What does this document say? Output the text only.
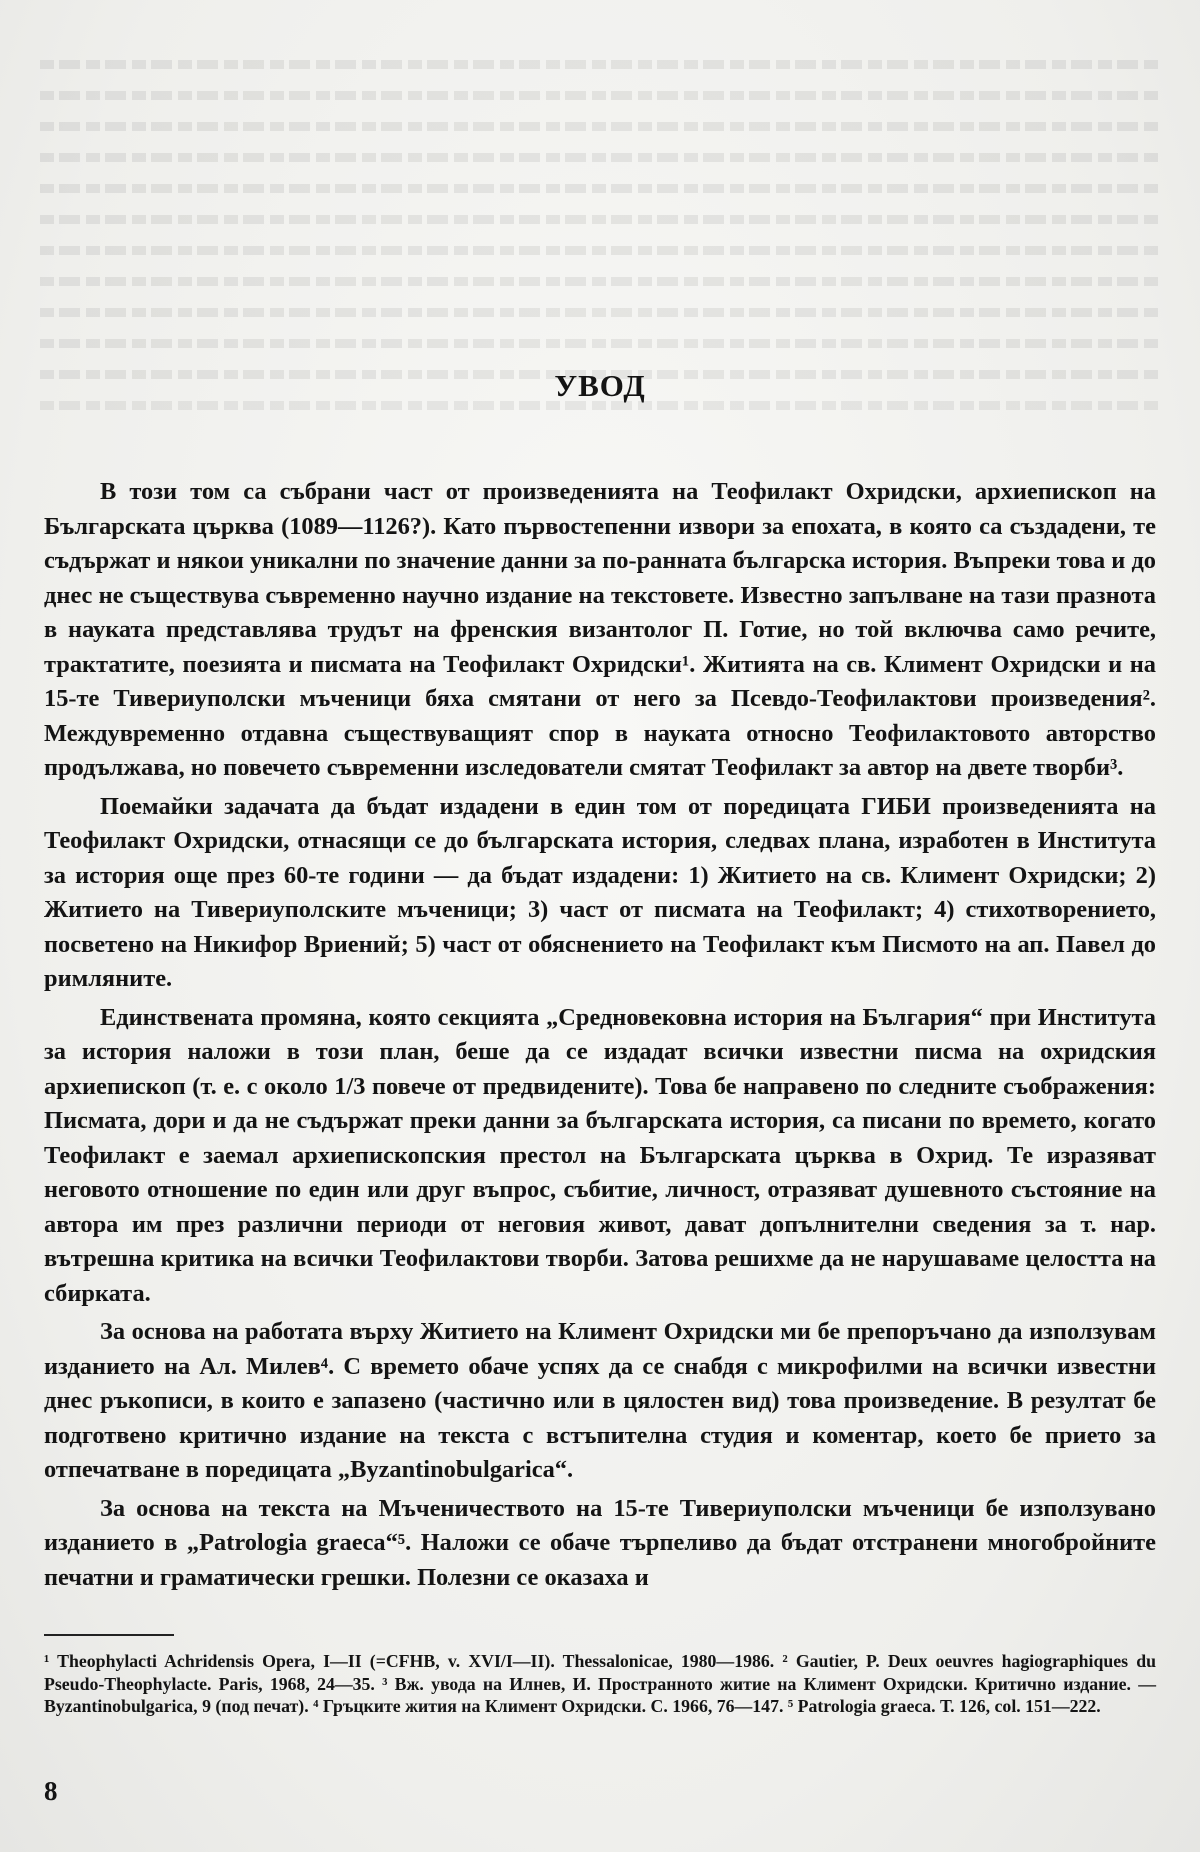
УВОД

В този том са събрани част от произведенията на Теофилакт Охридски, архиепископ на Българската църква (1089—1126?). Като първостепенни извори за епохата, в която са създадени, те съдържат и някои уникални по значение данни за по-ранната българска история. Въпреки това и до днес не съществува съвременно научно издание на текстовете. Известно запълване на тази празнота в науката представлява трудът на френския византолог П. Готие, но той включва само речите, трактатите, поезията и писмата на Теофилакт Охридски¹. Житията на св. Климент Охридски и на 15-те Тивериуполски мъченици бяха смятани от него за Псевдо-Теофилактови произведения². Междувременно отдавна съществуващият спор в науката относно Теофилактовото авторство продължава, но повечето съвременни изследователи смятат Теофилакт за автор на двете творби³.

Поемайки задачата да бъдат издадени в един том от поредицата ГИБИ произведенията на Теофилакт Охридски, отнасящи се до българската история, следвах плана, изработен в Института за история още през 60-те години — да бъдат издадени: 1) Житието на св. Климент Охридски; 2) Житието на Тивериуполските мъченици; 3) част от писмата на Теофилакт; 4) стихотворението, посветено на Никифор Вриений; 5) част от обяснението на Теофилакт към Писмото на ап. Павел до римляните.

Единствената промяна, която секцията „Средновековна история на България“ при Института за история наложи в този план, беше да се издадат всички известни писма на охридския архиепископ (т. е. с около 1/3 повече от предвидените). Това бе направено по следните съображения: Писмата, дори и да не съдържат преки данни за българската история, са писани по времето, когато Теофилакт е заемал архиепископския престол на Българската църква в Охрид. Те изразяват неговото отношение по един или друг въпрос, събитие, личност, отразяват душевното състояние на автора им през различни периоди от неговия живот, дават допълнителни сведения за т. нар. вътрешна критика на всички Теофилактови творби. Затова решихме да не нарушаваме целостта на сбирката.

За основа на работата върху Житието на Климент Охридски ми бе препоръчано да използувам изданието на Ал. Милев⁴. С времето обаче успях да се снабдя с микрофилми на всички известни днес ръкописи, в които е запазено (частично или в цялостен вид) това произведение. В резултат бе подготвено критично издание на текста с встъпителна студия и коментар, което бе прието за отпечатване в поредицата „Byzantinobulgarica“.

За основа на текста на Мъченичеството на 15-те Тивериуполски мъченици бе използувано изданието в „Patrologia graeca“⁵. Наложи се обаче търпеливо да бъдат отстранени многобройните печатни и граматически грешки. Полезни се оказаха и

¹ Theophylacti Achridensis Opera, I—II (=CFHB, v. XVI/I—II). Thessalonicae, 1980—1986. ² Gautier, P. Deux oeuvres hagiographiques du Pseudo-Theophylacte. Paris, 1968, 24—35. ³ Вж. увода на Илнев, И. Пространното житие на Климент Охридски. Критично издание. — Byzantinobulgarica, 9 (под печат). ⁴ Гръцките жития на Климент Охридски. С. 1966, 76—147. ⁵ Patrologia graeca. Т. 126, col. 151—222.

8
